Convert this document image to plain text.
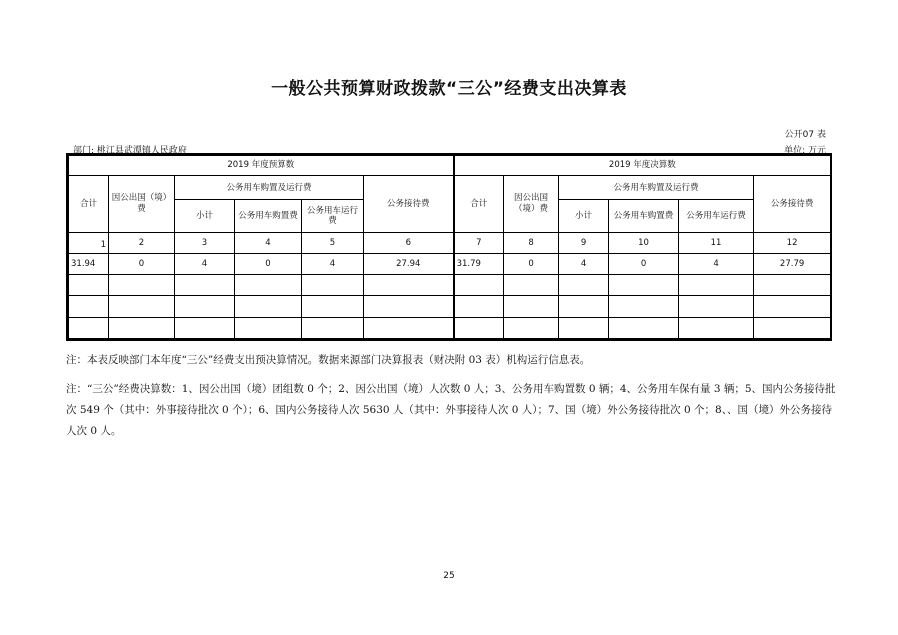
一般公共预算财政拨款“三公”经费支出决算表
公开07 表
部门: 桃江县武潭镇人民政府	单位: 万元
2019 年度预算数						2019 年度决算数					
合计	因公出国（境）费	公务用车购置及运行费			公务接待费	合计	因公出国（境）费	公务用车购置及运行费			公务接待费
		小计	公务用车购置费	公务用车运行费				小计	公务用车购置费	公务用车运行费	
1	2	3	4	5	6	7	8	9	10	11	12
31.94	0	4	0	4	27.94	31.79	0	4	0	4	27.79

注：本表反映部门本年度“三公”经费支出预决算情况。数据来源部门决算报表（财决附 03 表）机构运行信息表。
注：“三公”经费决算数：1、因公出国（境）团组数 0 个；2、因公出国（境）人次数 0 人；3、公务用车购置数 0 辆；4、公务用车保有量 3 辆；5、国内公务接待批次 549 个（其中：外事接待批次 0 个）；6、国内公务接待人次 5630 人（其中：外事接待人次 0 人）；7、国（境）外公务接待批次 0 个；8、、国（境）外公务接待人次 0 人。
25
